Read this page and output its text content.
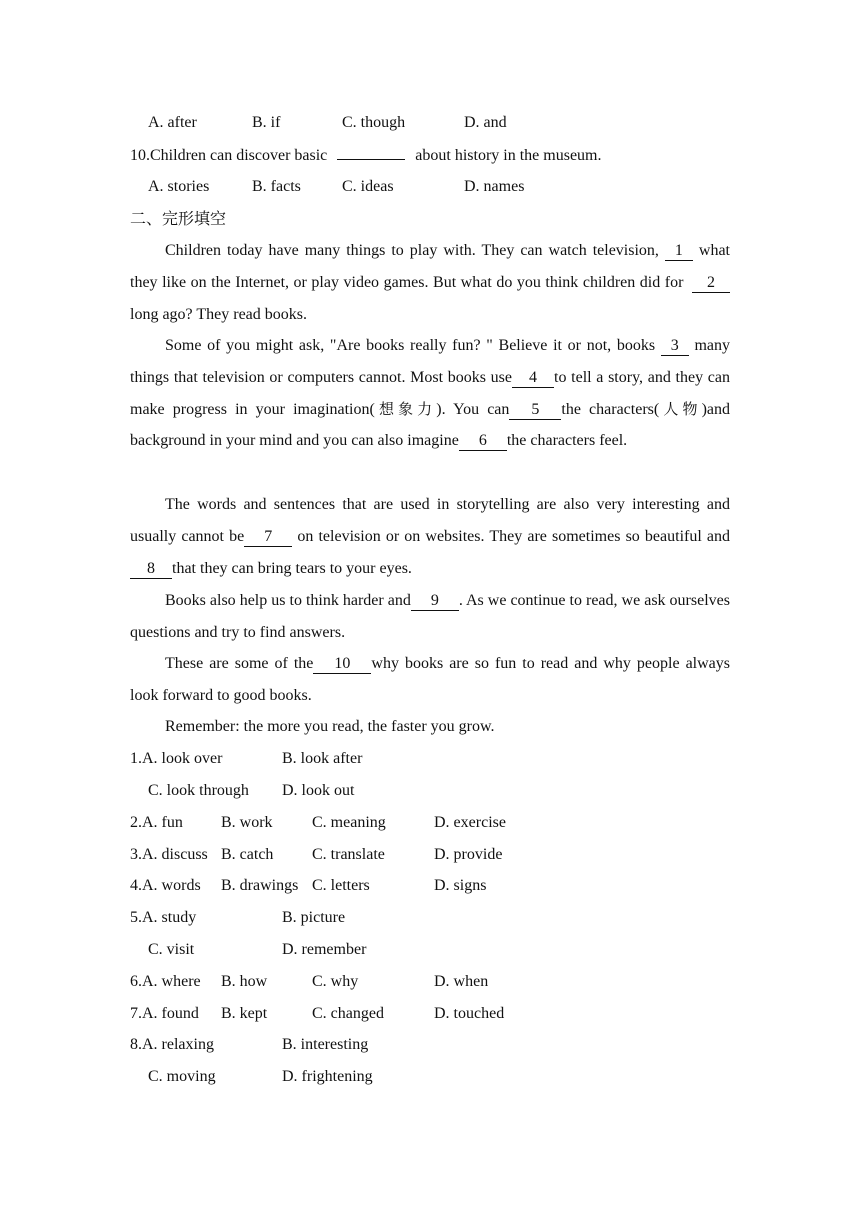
A. after	B. if	C. though	D. and
10.Children can discover basic	about history in the museum.
A. stories	B. facts	C. ideas	D. names
二、完形填空
Children today have many things to play with. They can watch television, 1 what they like on the Internet, or play video games. But what do you think children did for 2long ago? They read books.
Some of you might ask, "Are books really fun? " Believe it or not, books 3 many things that television or computers cannot. Most books use 4 to tell a story, and they can make progress in your imagination(想象力). You can 5 the characters(人物)and background in your mind and you can also imagine 6 the characters feel.
The words and sentences that are used in storytelling are also very interesting and usually cannot be 7 on television or on websites. They are sometimes so beautiful and8 that they can bring tears to your eyes.
Books also help us to think harder and 9 . As we continue to read, we ask ourselves questions and try to find answers.
These are some of the 10 why books are so fun to read and why people always look forward to good books.
Remember: the more you read, the faster you grow.
1.A. look over	B. look after
C. look through D. look out
2.A. fun B. work C. meaning	D. exercise
3.A. discuss B. catch C. translate	D. provide
4.A. words B. drawings C. letters	D. signs
5.A. study	B. picture
C. visit	D. remember
6.A. where B. how	C. why	D. when
7.A. found B. kept	C. changed	D. touched
8.A. relaxing	B. interesting
C. moving	D. frightening
